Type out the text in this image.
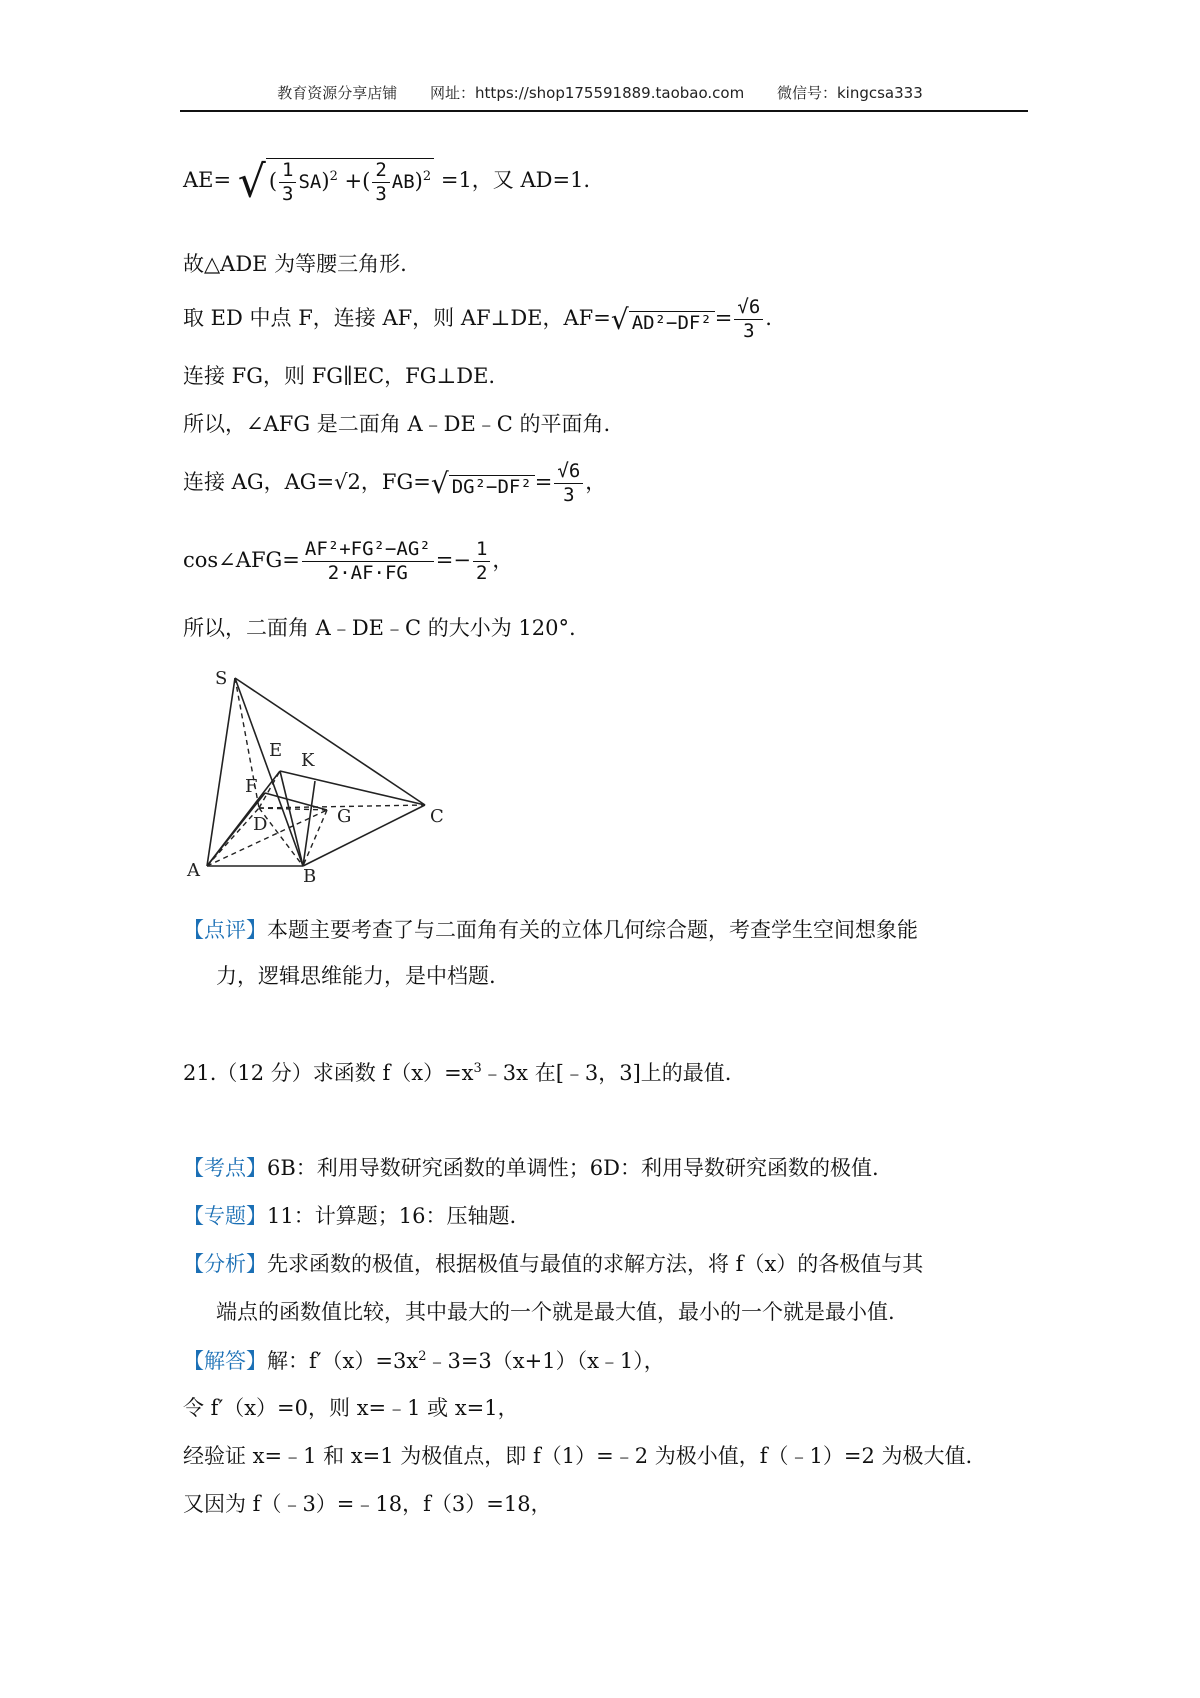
教育资源分享店铺 网址：https://shop175591889.taobao.com 微信号：kingcsa333
AE= √( $\frac{1}{3} SA)^2$ +( $\frac{2}{3} AB)^2 =1$，又 AD=1.
故△ADE 为等腰三角形.
取 ED 中点 F，连接 AF，则 AF⊥DE，AF=√ $AD^2-DF^2 = \frac{√6}{3}$ .
连接 FG，则 FG∥EC，FG⊥DE.
所以，∠AFG 是二面角 A﹣DE﹣C 的平面角.
连接 AG，AG=√2，FG=√ $DG^2-DF^2 = \frac{√6}{3}$ ，
cos∠AFG= $\frac{\text{AF²+FG²−AG²}}{2\cdot AF\cdot FG} =- \frac{1}{2}$ ，
所以，二面角 A﹣DE﹣C 的大小为 120°.
S
E K
F
D	G	C
A	B
【点评】本题主要考查了与二面角有关的立体几何综合题，考查学生空间想象能
力，逻辑思维能力，是中档题.
21.（12 分）求函数 $f(x)=x^3﹣3x$ 在[﹣3，3]上的最值.
【考点】6B：利用导数研究函数的单调性；6D：利用导数研究函数的极值.
【专题】11：计算题；16：压轴题.
【分析】先求函数的极值，根据极值与最值的求解方法，将 f（x）的各极值与其
端点的函数值比较，其中最大的一个就是最大值，最小的一个就是最小值.
【解答】解：$f'(x)=3x^2﹣3=3(x+1)(x﹣1)$，
令 f′（x）=0，则 x=﹣1 或 x=1，
经验证 x=﹣1 和 x=1 为极值点，即 f（1）=﹣2 为极小值，f（﹣1）=2 为极大值.
又因为 f（﹣3）=﹣18，f（3）=18，
